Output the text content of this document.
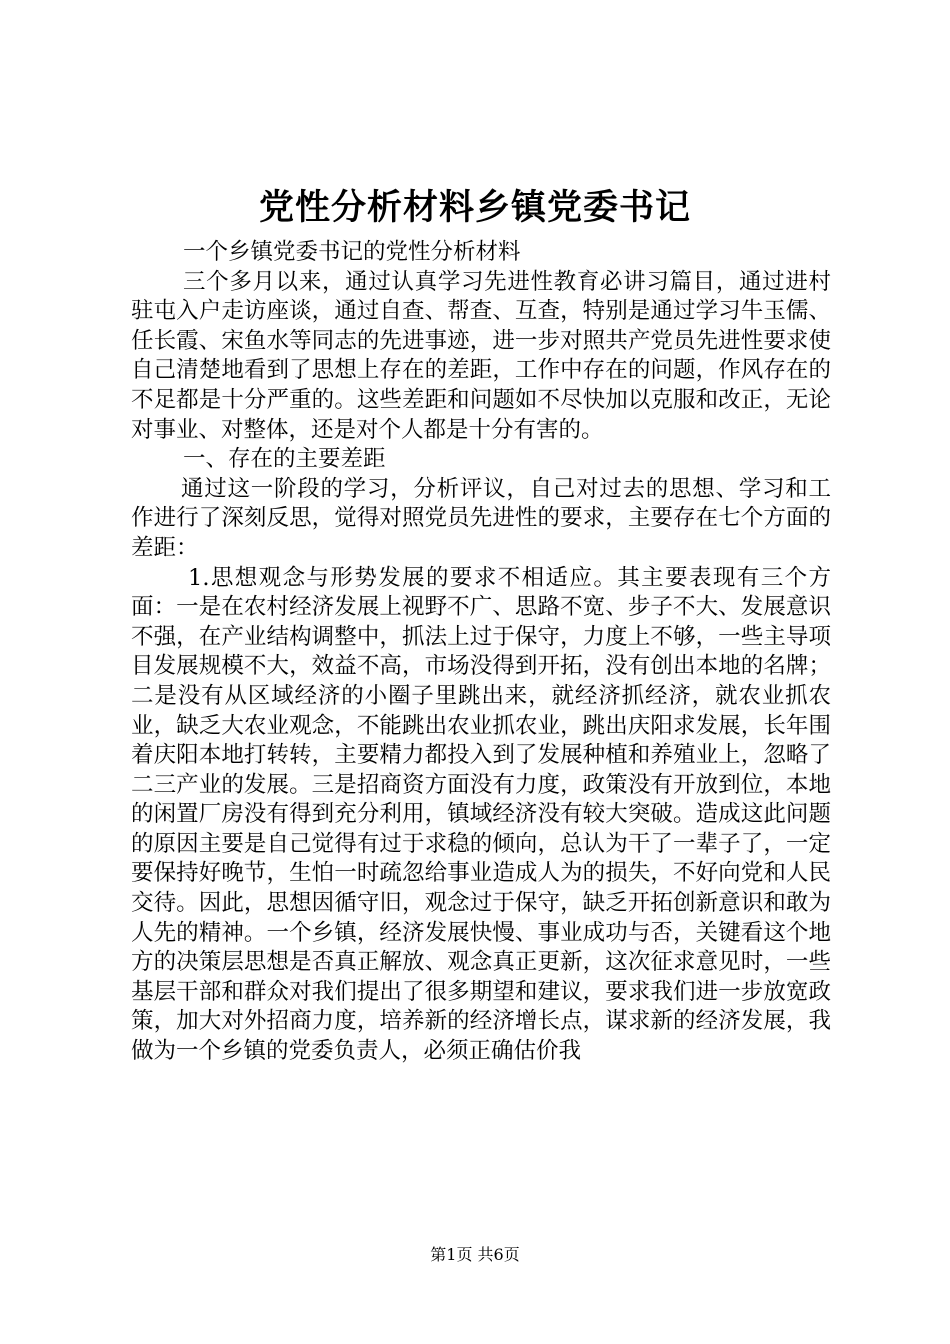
党性分析材料乡镇党委书记

一个乡镇党委书记的党性分析材料

三个多月以来，通过认真学习先进性教育必讲习篇目，通过进村驻屯入户走访座谈，通过自查、帮查、互查，特别是通过学习牛玉儒、任长霞、宋鱼水等同志的先进事迹，进一步对照共产党员先进性要求使自己清楚地看到了思想上存在的差距，工作中存在的问题，作风存在的不足都是十分严重的。这些差距和问题如不尽快加以克服和改正，无论对事业、对整体，还是对个人都是十分有害的。

一、存在的主要差距

通过这一阶段的学习，分析评议，自己对过去的思想、学习和工作进行了深刻反思，觉得对照党员先进性的要求，主要存在七个方面的差距：

1.思想观念与形势发展的要求不相适应。其主要表现有三个方面：一是在农村经济发展上视野不广、思路不宽、步子不大、发展意识不强，在产业结构调整中，抓法上过于保守，力度上不够，一些主导项目发展规模不大，效益不高，市场没得到开拓，没有创出本地的名牌；二是没有从区域经济的小圈子里跳出来，就经济抓经济，就农业抓农业，缺乏大农业观念，不能跳出农业抓农业，跳出庆阳求发展，长年围着庆阳本地打转转，主要精力都投入到了发展种植和养殖业上，忽略了二三产业的发展。三是招商资方面没有力度，政策没有开放到位，本地的闲置厂房没有得到充分利用，镇域经济没有较大突破。造成这此问题的原因主要是自己觉得有过于求稳的倾向，总认为干了一辈子了，一定要保持好晚节，生怕一时疏忽给事业造成人为的损失，不好向党和人民交待。因此，思想因循守旧，观念过于保守，缺乏开拓创新意识和敢为人先的精神。一个乡镇，经济发展快慢、事业成功与否，关键看这个地方的决策层思想是否真正解放、观念真正更新，这次征求意见时，一些基层干部和群众对我们提出了很多期望和建议，要求我们进一步放宽政策，加大对外招商力度，培养新的经济增长点，谋求新的经济发展，我做为一个乡镇的党委负责人，必须正确估价我

第1页 共6页
